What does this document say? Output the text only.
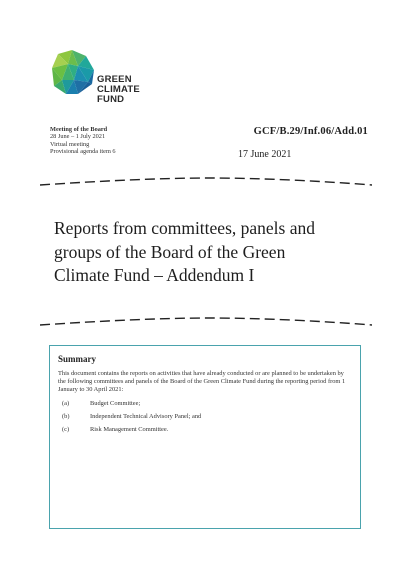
GREEN
CLIMATE
FUND
Meeting of the Board
28 June – 1 July 2021
Virtual meeting
Provisional agenda item 6
GCF/B.29/Inf.06/Add.01
17 June 2021
Reports from committees, panels and
groups of the Board of the Green
Climate Fund – Addendum I
Summary

This document contains the reports on activities that have already conducted or are planned to be undertaken by the following committees and panels of the Board of the Green Climate Fund during the reporting period from 1 January to 30 April 2021:

(a)	Budget Committee;
(b)	Independent Technical Advisory Panel; and
(c)	Risk Management Committee.
